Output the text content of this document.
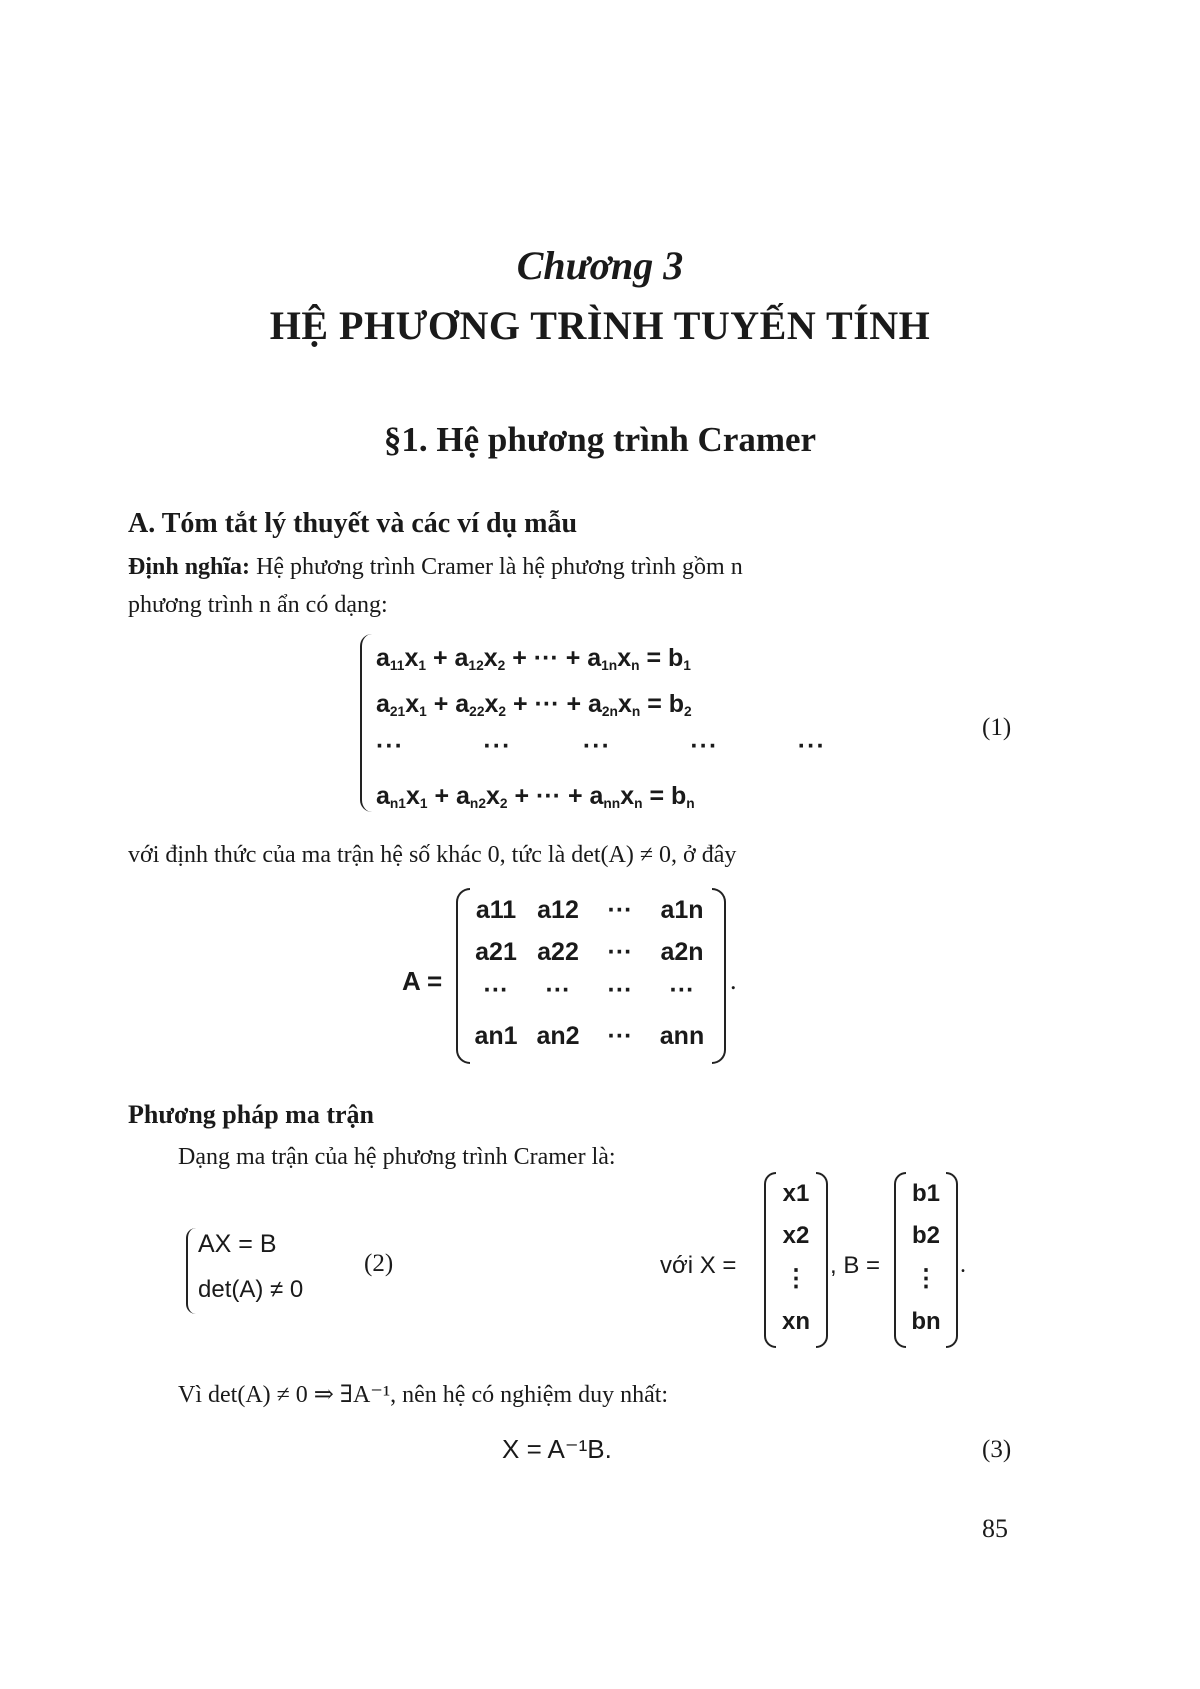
Chương 3
HỆ PHƯƠNG TRÌNH TUYẾN TÍNH
§1. Hệ phương trình Cramer
A. Tóm tắt lý thuyết và các ví dụ mẫu
Định nghĩa: Hệ phương trình Cramer là hệ phương trình gồm n
phương trình n ẩn có dạng:
$a_{11}x_1 + a_{12}x_2$ + ··· + $a_{1n}x_n = b_1$
$a_{21}x_1 + a_{22}x_2$ + ··· + $a_{2n}x_n = b_2$
···          ···         ···          ···          ···
$a_{n1}x_1 + a_{n2}x_2$ + ··· + $a_{nn}x_n = b_n$
(1)
với định thức của ma trận hệ số khác 0, tức là det(A) ≠ 0, ở đây
A =
a11 a12	···	a1n
a21 a22	···	a2n
···	···	···	···
an1 an2	···	ann
.
Phương pháp ma trận
Dạng ma trận của hệ phương trình Cramer là:
AX = B
det(A) ≠ 0
(2)	với X =
x1
x2
⋮
xn
, B =
b1
b2
⋮
bn
.
Vì det(A) ≠ 0 ⇒ ∃A⁻¹, nên hệ có nghiệm duy nhất:
X = A⁻¹B.	(3)
85
